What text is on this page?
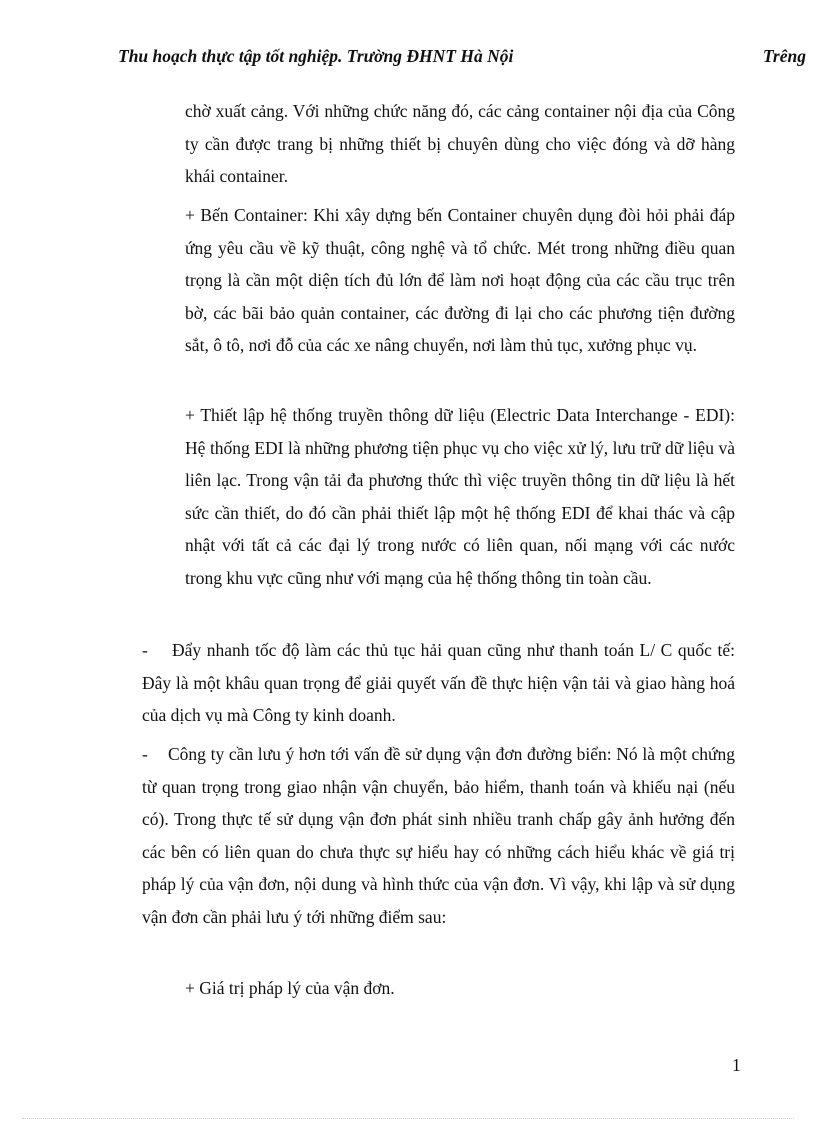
Thu hoạch thực tập tốt nghiệp. Trường ĐHNT Hà Nội	Trêng

chờ xuất cảng. Với những chức năng đó, các cảng container nội địa của Công ty cần được trang bị những thiết bị chuyên dùng cho việc đóng và dỡ hàng khái container.

+ Bến Container: Khi xây dựng bến Container chuyên dụng đòi hỏi phải đáp ứng yêu cầu về kỹ thuật, công nghệ và tổ chức. Mét trong những điều quan trọng là cần một diện tích đủ lớn để làm nơi hoạt động của các cầu trục trên bờ, các bãi bảo quản container, các đường đi lại cho các phương tiện đường sắt, ô tô, nơi đỗ của các xe nâng chuyển, nơi làm thủ tục, xưởng phục vụ.

+ Thiết lập hệ thống truyền thông dữ liệu (Electric Data Interchange - EDI): Hệ thống EDI là những phương tiện phục vụ cho việc xử lý, lưu trữ dữ liệu và liên lạc. Trong vận tải đa phương thức thì việc truyền thông tin dữ liệu là hết sức cần thiết, do đó cần phải thiết lập một hệ thống EDI để khai thác và cập nhật với tất cả các đại lý trong nước có liên quan, nối mạng với các nước trong khu vực cũng như với mạng của hệ thống thông tin toàn cầu.

-	Đẩy nhanh tốc độ làm các thủ tục hải quan cũng như thanh toán L/ C quốc tế: Đây là một khâu quan trọng để giải quyết vấn đề thực hiện vận tải và giao hàng hoá của dịch vụ mà Công ty kinh doanh.

-	Công ty cần lưu ý hơn tới vấn đề sử dụng vận đơn đường biển: Nó là một chứng từ quan trọng trong giao nhận vận chuyển, bảo hiểm, thanh toán và khiếu nại (nếu có). Trong thực tế sử dụng vận đơn phát sinh nhiều tranh chấp gây ảnh hưởng đến các bên có liên quan do chưa thực sự hiểu hay có những cách hiểu khác về giá trị pháp lý của vận đơn, nội dung và hình thức của vận đơn. Vì vậy, khi lập và sử dụng vận đơn cần phải lưu ý tới những điểm sau:

+ Giá trị pháp lý của vận đơn.

1
